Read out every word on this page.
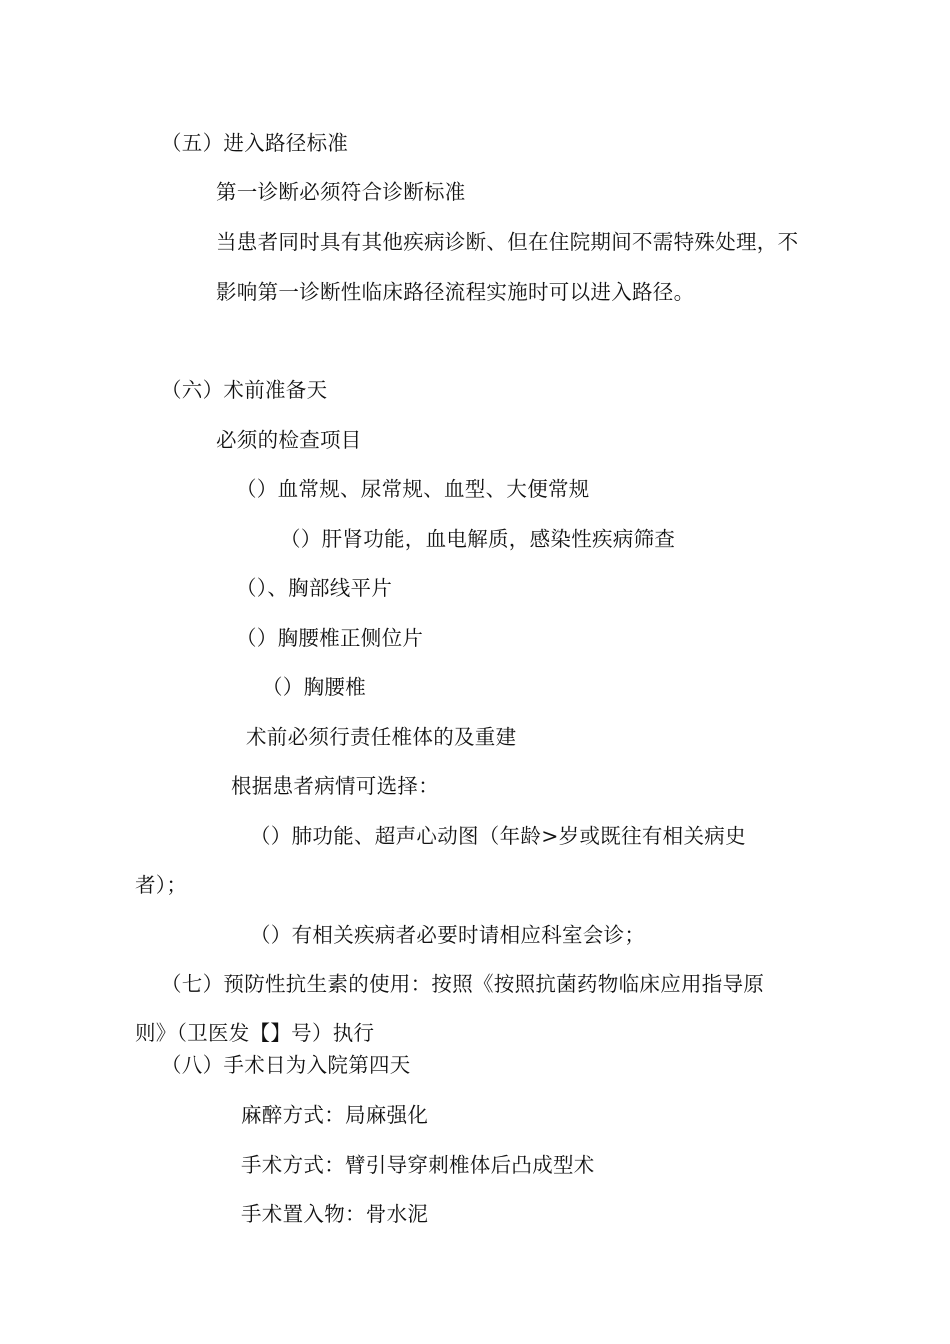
（五）进入路径标准
第一诊断必须符合诊断标准
当患者同时具有其他疾病诊断、但在住院期间不需特殊处理，不
影响第一诊断性临床路径流程实施时可以进入路径。
（六）术前准备天
必须的检查项目
（）血常规、尿常规、血型、大便常规
（）肝肾功能，血电解质，感染性疾病筛查
（）、胸部线平片
（）胸腰椎正侧位片
（）胸腰椎
术前必须行责任椎体的及重建
根据患者病情可选择：
（）肺功能、超声心动图（年龄>岁或既往有相关病史
者）；
（）有相关疾病者必要时请相应科室会诊；
（七）预防性抗生素的使用：按照《按照抗菌药物临床应用指导原
则》（卫医发【】号）执行
（八）手术日为入院第四天
麻醉方式：局麻强化
手术方式：臂引导穿刺椎体后凸成型术
手术置入物：骨水泥
